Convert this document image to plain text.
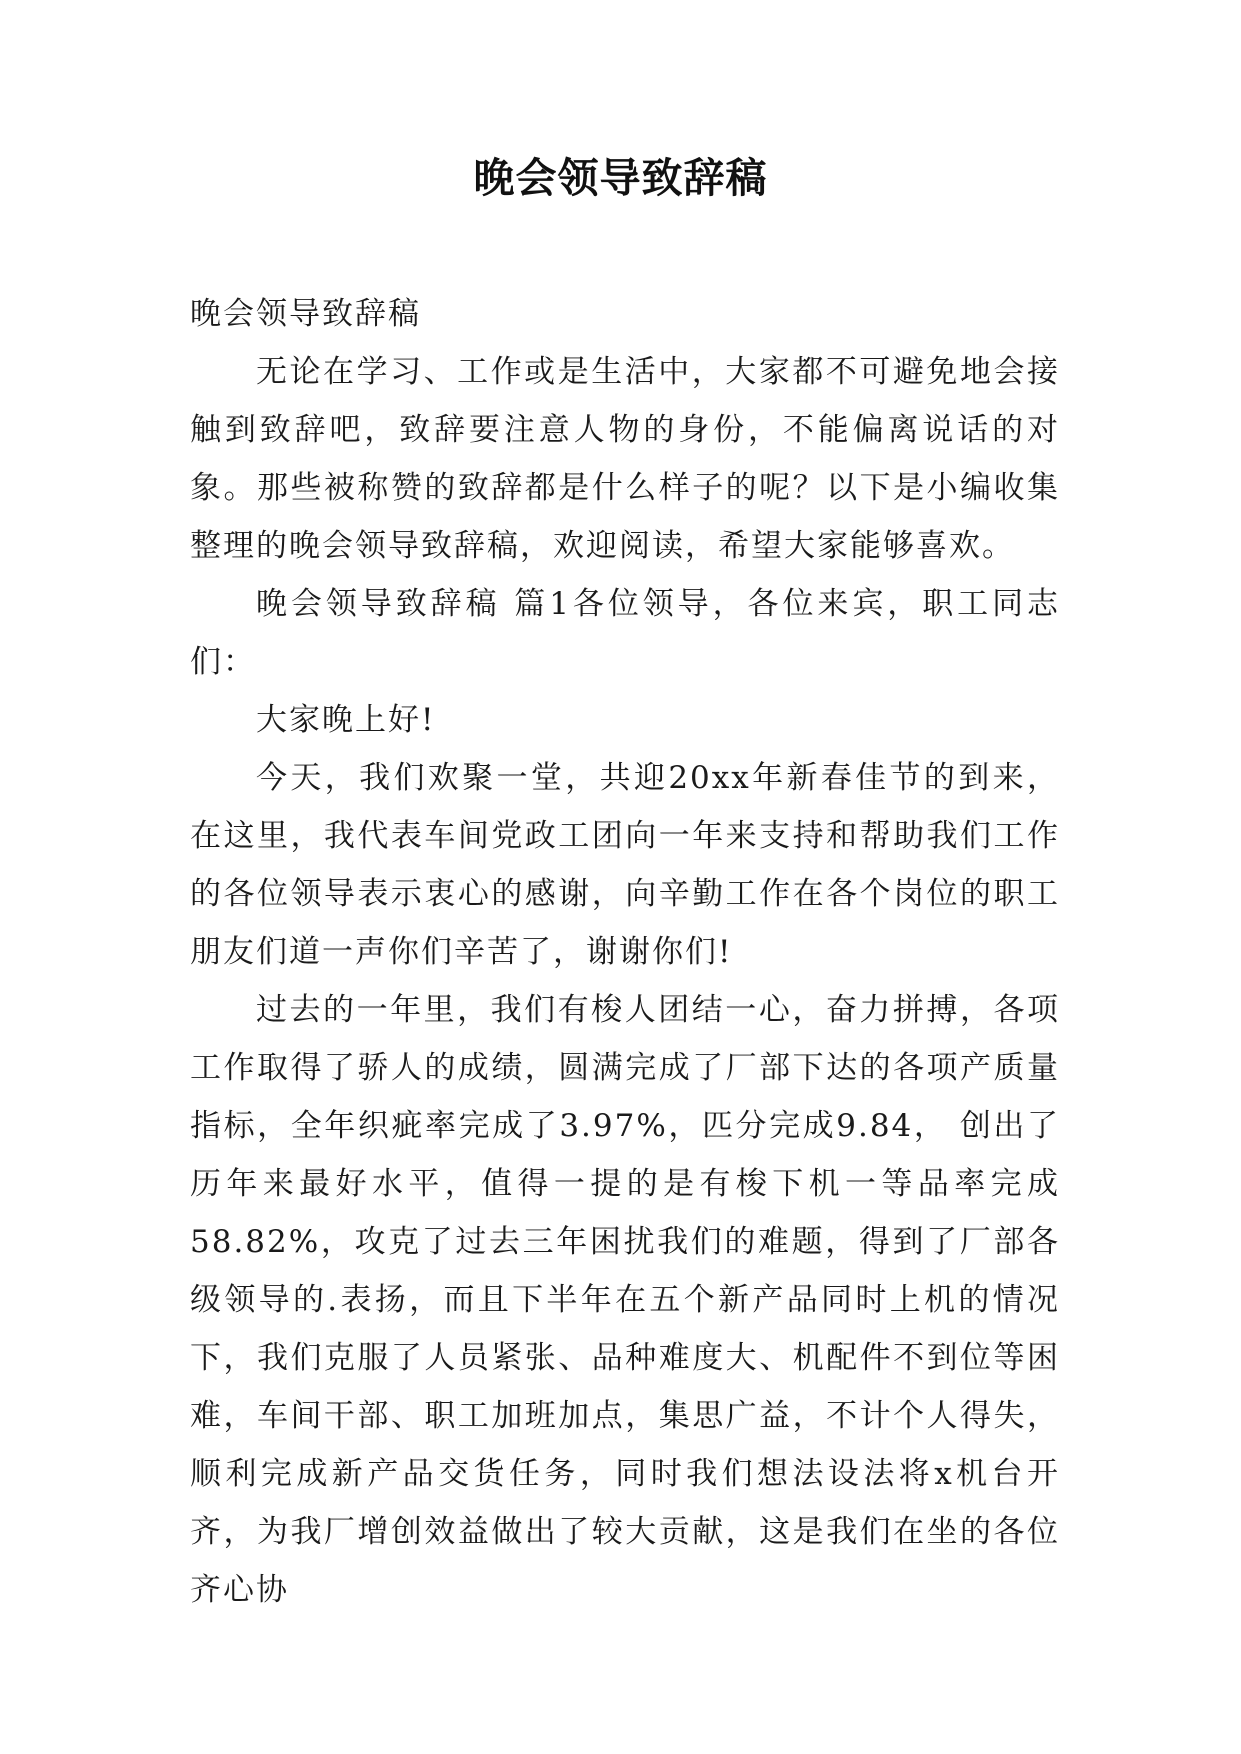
晚会领导致辞稿

晚会领导致辞稿

无论在学习、工作或是生活中，大家都不可避免地会接触到致辞吧，致辞要注意人物的身份，不能偏离说话的对象。那些被称赞的致辞都是什么样子的呢？以下是小编收集整理的晚会领导致辞稿，欢迎阅读，希望大家能够喜欢。

晚会领导致辞稿 篇1各位领导，各位来宾，职工同志们：

大家晚上好!

今天，我们欢聚一堂，共迎20xx年新春佳节的到来，在这里，我代表车间党政工团向一年来支持和帮助我们工作的各位领导表示衷心的感谢，向辛勤工作在各个岗位的职工朋友们道一声你们辛苦了，谢谢你们!

过去的一年里，我们有梭人团结一心，奋力拼搏，各项工作取得了骄人的成绩，圆满完成了厂部下达的各项产质量指标，全年织疵率完成了3.97%，匹分完成9.84， 创出了历年来最好水平，值得一提的是有梭下机一等品率完成58.82%，攻克了过去三年困扰我们的难题，得到了厂部各级领导的.表扬，而且下半年在五个新产品同时上机的情况下，我们克服了人员紧张、品种难度大、机配件不到位等困难，车间干部、职工加班加点，集思广益，不计个人得失，顺利完成新产品交货任务，同时我们想法设法将x机台开齐，为我厂增创效益做出了较大贡献，这是我们在坐的各位齐心协
